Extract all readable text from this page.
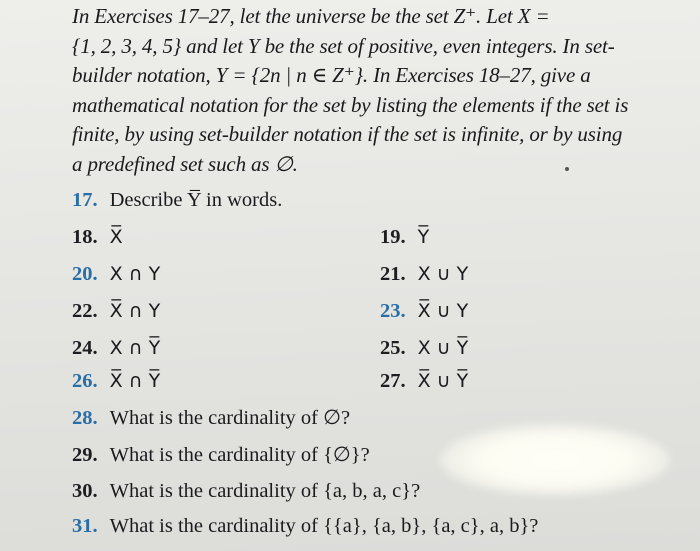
In Exercises 17–27, let the universe be the set Z⁺. Let X =
{1, 2, 3, 4, 5} and let Y be the set of positive, even integers. In set-
builder notation, Y = {2n | n ∈ Z⁺}. In Exercises 18–27, give a
mathematical notation for the set by listing the elements if the set is
finite, by using set-builder notation if the set is infinite, or by using
a predefined set such as ∅.
17. Describe Y̅ in words.
18. X̅	19. Y̅
20. X ∩ Y	21. X ∪ Y
22. X̅ ∩ Y	23. X̅ ∪ Y
24. X ∩ Y̅	25. X ∪ Y̅
26. X̅ ∩ Y̅	27. X̅ ∪ Y̅
28. What is the cardinality of ∅?
29. What is the cardinality of {∅}?
30. What is the cardinality of {a, b, a, c}?
31. What is the cardinality of {{a}, {a, b}, {a, c}, a, b}?
